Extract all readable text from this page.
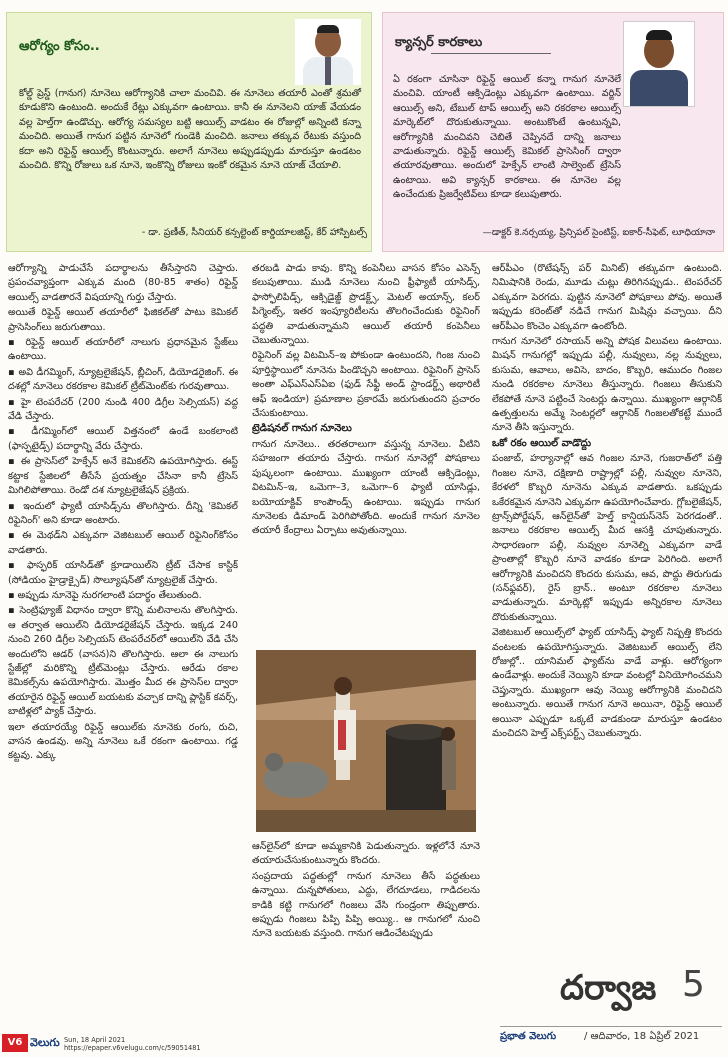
ఆరోగ్యం కోసం..
కోల్డ్ ప్రెస్డ్ (గానుగ) నూనెలు ఆరోగ్యానికి చాలా మంచివి. ఈ నూనెలు తయారీ ఎంతో శ్రమతో కూడుకొని ఉంటుంది. అందుకే రేట్లు ఎక్కువగా ఉంటాయి. కానీ ఈ నూనెలని యాజ్ వేయడం వల్ల హెల్త్‌గా ఉండొచ్చు. ఆరోగ్య సమస్యల బట్టి ఆయిల్స్ వాడటం ఈ రోజుల్లో అన్నింటి కన్నా మంచిది. అయితే గానుగ పట్టిన నూనెలో గుండెకి మంచిది. జనాలు తక్కువ రేటుకు వస్తుంది కదా అని రిఫైన్డ్ ఆయిల్స్ కొంటున్నారు. అలాగే నూనెలు అప్పుడప్పుడు మారుస్తూ ఉండటం మంచిది. కొన్ని రోజులు ఒక నూనె, ఇంకొన్ని రోజులు ఇంకో రకమైన నూనె యాజ్ చేయాలి.
- డా. ప్రణీత్, సీనియర్ కన్సల్టెంట్ కార్డియాలజిస్ట్, కేర్ హాస్పిటల్స్
క్యాన్సర్ కారకాలు
ఏ రకంగా చూసినా రిఫైన్డ్ ఆయిల్ కన్నా గానుగ నూనెలే మంచివి. యాంటీ ఆక్సిడెంట్లు ఎక్కువగా ఉంటాయి. వర్జిన్ ఆయిల్స్ అని, టేబుల్ టాప్ ఆయిల్స్ అని రకరకాల ఆయిల్స్ మార్కెట్‌లో దొరుకుతున్నాయి. అంటుకొంటే ఉంటున్నవి, ఆరోగ్యానికి మంచివని చెబితే చెప్పినదే దాన్ని జనాలు వాడుతున్నారు. రిఫైన్డ్ ఆయిల్స్ కెమికల్ ప్రాసెసింగ్ ద్వారా తయారవుతాయి. అందులో హెక్సేన్ లాంటి సాల్వెంట్ ట్రేసెస్ ఉంటాయి. అవి క్యాన్సర్ కారకాలు. ఈ నూనెల వల్ల ఉంచేందుకు ప్రిజర్వేటివ్‌లు కూడా కలుపుతారు.
—డాక్టర్ కె.నర్సయ్య, ప్రిన్సిపల్ సైంటిస్ట్, ఐకార్-సీఫెట్, లూధియానా

ఆరోగ్యాన్ని పాడుచేసే పదార్థాలను తీసేస్తారని చెప్తారు. ప్రపంచవ్యాప్తంగా ఎక్కువ మంది (80-85 శాతం) రిఫైన్డ్ ఆయిల్స్ వాడతారనే విషయాన్ని గుర్తు చేస్తారు.

అయితే రిఫైన్డ్ ఆయిల్ తయారీలో ఫిజికల్‌తో పాటు కెమికల్ ప్రాసెసింగ్‌లు జరుగుతాయి.

▪ రిఫైన్డ్ ఆయిల్ తయారీలో నాలుగు ప్రధానమైన స్టేజ్‌లు ఉంటాయి.

▪ అవి డీగమ్మింగ్, న్యూట్రలైజేషన్, బ్లీచింగ్, డియోడరైజింగ్. ఈ దశల్లో నూనెలు రకరకాల కెమికల్ ట్రీట్‌మెంట్‌కు గురవుతాయి.

▪ హై టెంపరేచర్ (200 నుండి 400 డిగ్రీల సెల్సియస్) వద్ద వేడి చేస్తారు.

▪ డీగమ్మింగ్‌లో ఆయిల్ విత్తనంలో ఉండే బంకలాంటి (ఫాస్ఫటైడ్స్) పదార్థాన్ని వేరు చేస్తారు.

▪ ఈ ప్రాసెస్‌లో హెక్సేన్ అనే కెమికల్‌ని ఉపయోగిస్తారు. ఈస్ట్ కట్టాక స్టేజిలలో తీసేసే ప్రయత్నం చేసినా కానీ ట్రేసెస్ మిగిలిపోతాయి. రెండో దశ న్యూట్రలైజేషన్ ప్రక్రియ.

▪ ఇందులో ఫ్యాటీ యాసిడ్స్‌ను తొలగిస్తారు. దీన్ని 'కెమికల్ రిఫైనింగ్' అని కూడా అంటారు.

▪ ఈ మెథడ్‌ని ఎక్కువగా వెజిటబుల్ ఆయిల్ రిఫైనింగ్‌కోసం వాడతారు.

▪ ఫాస్ఫరిక్ యాసిడ్‌తో క్రూడాయిల్‌ని ట్రీట్ చేసాక కాస్టిక్ (సోడియం హైడ్రాక్సైడ్) సొల్యూషన్‌తో న్యూట్రలైజ్ చేస్తారు.

▪ అప్పుడు నూనెపై నురగలాంటి పదార్థం తేలుతుంది.

▪ సెంట్రిఫ్యూజ్ విధానం ద్వారా కొన్ని మలినాలను తొలగిస్తారు. ఆ తర్వాత ఆయిల్‌ని డియోడరైజేషన్ చేస్తారు. ఇక్కడ 240 నుంచి 260 డిగ్రీల సెల్సియస్ టెంపరేచర్‌లో ఆయిల్‌ని వేడి చేసి అందులోని ఆడర్ (వాసన)ని తొలగిస్తారు. ఆలా ఈ నాలుగు స్టేజ్‌ల్లో మరికొన్ని ట్రీట్‌మెంట్లు చేస్తారు. ఆరేడు రకాల కెమికల్స్‌ను ఉపయోగిస్తారు. మొత్తం మీద ఈ ప్రాసెస్‌ల ద్వారా తయారైన రిఫైన్డ్ ఆయిల్ బయటకు వచ్చాక దాన్ని ప్లాస్టిక్ కవర్స్, బాటిళ్లలో ప్యాక్ చేస్తారు.

ఇలా తయారయ్యే రిఫైన్డ్ ఆయిల్‌కు నూనెకు రంగు, రుచి, వాసన ఉండవు. అన్ని నూనెలు ఒకే రకంగా ఉంటాయి. గడ్డ కట్టవు. ఎక్కు

తరబడి పాడు కావు. కొన్ని కంపెనీలు వాసన కోసం ఎసెన్స్ కలుపుతాయి. ముడి నూనెలు నుంచి ఫ్రీఫ్యాటీ యాసిడ్స్, ఫాస్ఫోలిపిడ్స్, ఆక్సిడైజ్డ్ ప్రొడక్ట్స్, మెటల్ అయాన్స్, కలర్ పిగ్మెంట్స్, ఇతర ఇంప్యూరిటీలను తొలగించేందుకు రిఫైనింగ్ పద్ధతి వాడుతున్నామని ఆయిల్ తయారీ కంపెనీలు చెబుతున్నాయి.

రిఫైనింగ్ వల్ల విటమిన్–ఇ పోకుండా ఉంటుందని, గింజ నుంచి పూర్తిస్థాయిలో నూనెను పిండొచ్చని అంటాయి. రిఫైనింగ్ ప్రాసెస్ అంతా ఎఫ్ఎస్ఎస్ఏఐ (ఫుడ్ సేఫ్టీ అండ్ స్టాండర్డ్స్ అథారిటీ ఆఫ్ ఇండియా) ప్రమాణాల ప్రకారమే జరుగుతుందని ప్రచారం చేసుకుంటాయి.

ట్రెడిషనల్ గానుగ నూనెలు

గానుగ నూనెలు.. తరతరాలుగా వస్తున్న నూనెలు. వీటిని సహజంగా తయారు చేస్తారు. గానుగ నూనెల్లో పోషకాలు పుష్కలంగా ఉంటాయి. ముఖ్యంగా యాంటీ ఆక్సిడెంట్లు, విటమిన్–ఇ, ఒమెగా–3, ఒమెగా–6 ఫ్యాటీ యాసిడ్లు, బయోయాక్టివ్ కాంపౌండ్స్‌ ఉంటాయి. ఇప్పుడు గానుగ నూనెలకు డిమాండ్ పెరిగిపోతోంది. అందుకే గానుగ నూనెల తయారీ కేంద్రాలు ఏర్పాటు అవుతున్నాయి.

ఆన్‌లైన్‌లో కూడా అమ్మకానికి పెడుతున్నారు. ఇళ్లలోనే నూనె తయారుచేసుకుంటున్నారు కొందరు.

సంప్రదాయ పద్ధతుల్లో గానుగ నూనెలు తీసే పద్ధతులు ఉన్నాయి. దున్నపోతులు, ఎద్దు, లేగదూడలు, గాడిదలను కాడికి కట్టి గానుగలో గింజలు వేసి గుండ్రంగా తిప్పుతారు. అప్పుడు గింజలు పిప్పి పిప్పి అయ్యి.. ఆ గానుగలో నుంచి నూనె బయటకు వస్తుంది. గానుగ ఆడించేటప్పుడు

ఆర్‌పీఎం (రొటేషన్స్ పర్ మినిట్) తక్కువగా ఉంటుంది. నిమిషానికి రెండు, మూడు చుట్లు తిరిగినప్పుడు.. టెంపరేచర్ ఎక్కువగా పెరగదు. పుట్టిన నూనెలో పోషకాలు పోవు. అయితే ఇప్పుడు కరెంట్‌తో నడిచే గానుగ మిషిన్లు వచ్చాయి. దీని ఆర్‌పీఎం కొంచెం ఎక్కువగా ఉంటోంది.

గానుగ నూనెలో రసాయన్ అన్ని పోషక విలువలు ఉంటాయి. మిషన్ గానుగల్లో ఇప్పుడు పల్లీ, నువ్వులు, నల్ల నువ్వులు, కుసుమ, ఆవాలు, అవిసె, బాదం, కొబ్బరి, ఆముదం గింజల నుండి రకరకాల నూనెలు తీస్తున్నారు. గింజలు తీసుకుని లేకపోతే నూనె పట్టించే సెంటర్లు ఉన్నాయి. ముఖ్యంగా ఆర్గానిక్ ఉత్పత్తులను అమ్మే సెంటర్లలో ఆర్గానిక్ గింజలతోకట్టే ముందే నూనె తీసి ఇస్తున్నారు.

ఒకో రకం ఆయిల్ వాడొద్దు

పంజాబ్, హర్యానాల్లో ఆవ గింజల నూనె, గుజరాత్‌లో పత్తి గింజల నూనె, దక్షిణాది రాష్ట్రాల్లో పల్లీ, నువ్వుల నూనెని, కేరళలో కొబ్బరి నూనెను ఎక్కువ వాడతారు. ఒకప్పుడు ఒకేరకమైన నూనెని ఎక్కువగా ఉపయోగించేవారు. గ్లోబలైజేషన్, ట్రాన్స్‌పోర్టేషన్, ఆన్‌లైన్‌తో హెల్త్ కాన్షియస్‌నెస్ పెరగడంతో.. జనాలు రకరకాల ఆయిల్స్ మీద ఆసక్తి చూపుతున్నారు. సాధారణంగా పల్లీ, నువ్వుల నూనెల్ని ఎక్కువగా వాడే ప్రాంతాల్లో కొబ్బరి నూనె వాడకం కూడా పెరిగింది. అలాగే ఆరోగ్యానికి మంచిదని కొందరు కుసుమ, ఆవ, పొద్దు తిరుగుడు (సన్‌ఫ్లవర్), రైస్ బ్రాన్.. అంటూ రకరకాల నూనెలు వాడుతున్నారు. మార్కెట్లో ఇప్పుడు అన్నిరకాల నూనెలు దొరుకుతున్నాయి.

వెజిటబుల్ ఆయిల్స్‌లో ఫ్యాట్ యాసిడ్స్ ఫ్యాట్ నిష్పత్తి కొందరు వంటలకు ఉపయోగిస్తున్నారు. వెజిటబుల్ ఆయిల్స్ లేని రోజుల్లో.. యానిమల్ ఫ్యాట్‌ను వాడే వాళ్లు. ఆరోగ్యంగా ఉండేవాళ్లు. అందుకే నెయ్యిని కూడా వంటల్లో వినియోగించమని చెప్తున్నారు. ముఖ్యంగా ఆవు నెయ్యి ఆరోగ్యానికి మంచిదని అంటున్నారు. అయితే గానుగ నూనె అయినా, రిఫైన్డ్ ఆయిల్ అయినా ఎప్పుడూ ఒక్కటే వాడకుండా మారుస్తూ ఉండటం మంచిదని హెల్త్ ఎక్స్‌పర్ట్స్ చెబుతున్నారు.

దర్వాజ 5
ప్రభాత వెలుగు	/ ఆదివారం, 18 ఏప్రిల్ 2021
V6 వెలుగు Sun, 18 April 2021
https://epaper.v6velugu.com/c/59051481
